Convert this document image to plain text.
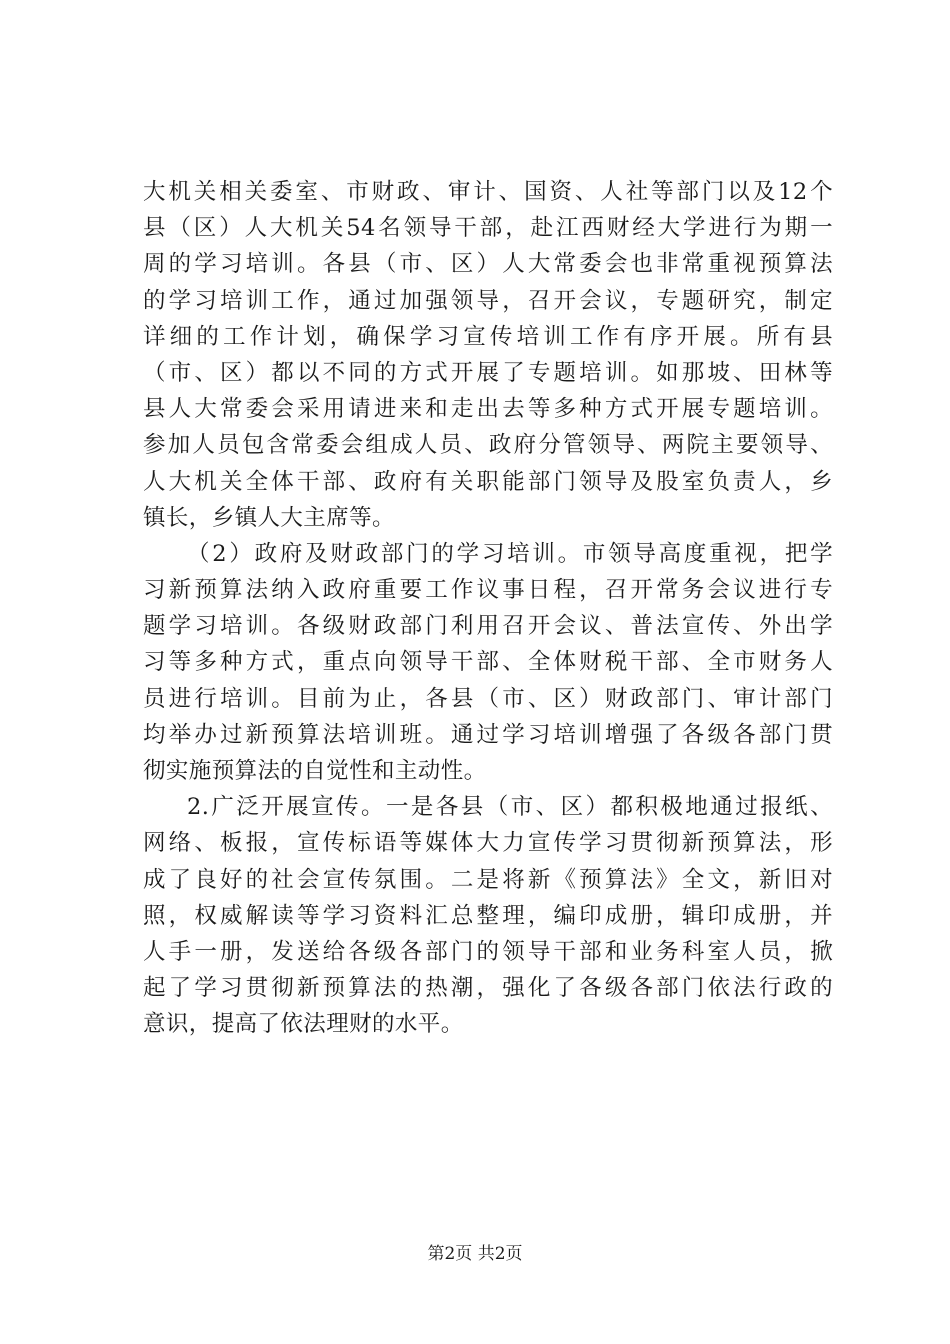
大机关相关委室、市财政、审计、国资、人社等部门以及12个
县（区）人大机关54名领导干部，赴江西财经大学进行为期一
周的学习培训。各县（市、区）人大常委会也非常重视预算法
的学习培训工作，通过加强领导，召开会议，专题研究，制定
详细的工作计划，确保学习宣传培训工作有序开展。所有县
（市、区）都以不同的方式开展了专题培训。如那坡、田林等
县人大常委会采用请进来和走出去等多种方式开展专题培训。
参加人员包含常委会组成人员、政府分管领导、两院主要领导、
人大机关全体干部、政府有关职能部门领导及股室负责人，乡
镇长，乡镇人大主席等。
（2）政府及财政部门的学习培训。市领导高度重视，把学
习新预算法纳入政府重要工作议事日程，召开常务会议进行专
题学习培训。各级财政部门利用召开会议、普法宣传、外出学
习等多种方式，重点向领导干部、全体财税干部、全市财务人
员进行培训。目前为止，各县（市、区）财政部门、审计部门
均举办过新预算法培训班。通过学习培训增强了各级各部门贯
彻实施预算法的自觉性和主动性。
2.广泛开展宣传。一是各县（市、区）都积极地通过报纸、
网络、板报，宣传标语等媒体大力宣传学习贯彻新预算法，形
成了良好的社会宣传氛围。二是将新《预算法》全文，新旧对
照，权威解读等学习资料汇总整理，编印成册，辑印成册，并
人手一册，发送给各级各部门的领导干部和业务科室人员，掀
起了学习贯彻新预算法的热潮，强化了各级各部门依法行政的
意识，提高了依法理财的水平。
第2页 共2页
